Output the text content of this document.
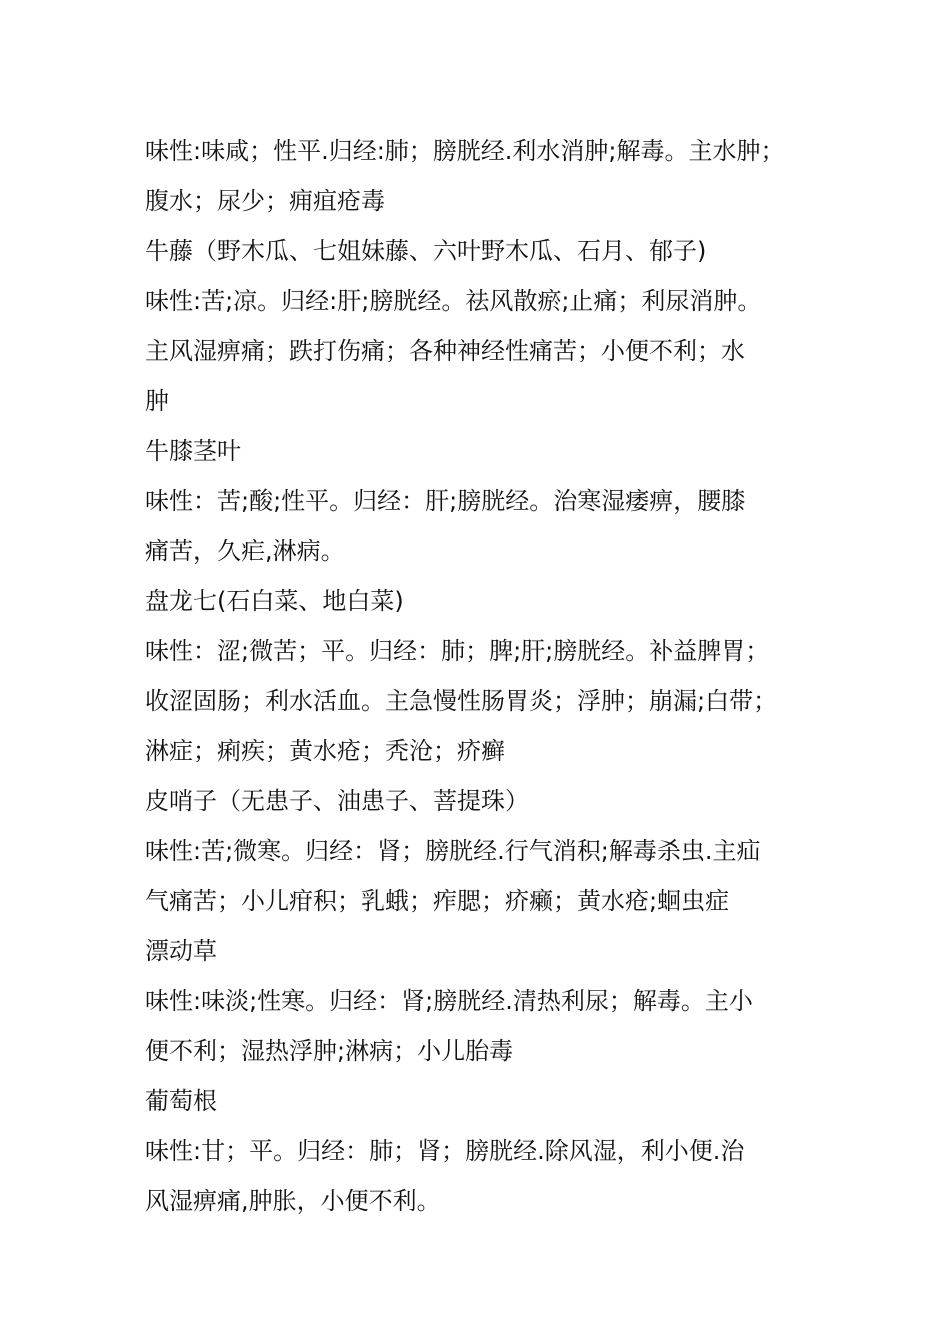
味性:味咸；性平.归经:肺；膀胱经.利水消肿;解毒。主水肿；
腹水；尿少；痈疽疮毒
牛藤（野木瓜、七姐妹藤、六叶野木瓜、石月、郁子)
味性:苦;凉。归经:肝;膀胱经。祛风散瘀;止痛；利尿消肿。
主风湿痹痛；跌打伤痛；各种神经性痛苦；小便不利；水
肿
牛膝茎叶
味性：苦;酸;性平。归经：肝;膀胱经。治寒湿痿痹，腰膝
痛苦，久疟,淋病。
盘龙七(石白菜、地白菜)
味性：涩;微苦；平。归经：肺；脾;肝;膀胱经。补益脾胃；
收涩固肠；利水活血。主急慢性肠胃炎；浮肿；崩漏;白带；
淋症；痢疾；黄水疮；秃沧；疥癣
皮哨子（无患子、油患子、菩提珠）
味性:苦;微寒。归经：肾；膀胱经.行气消积;解毒杀虫.主疝
气痛苦；小儿疳积；乳蛾；痄腮；疥癞；黄水疮;蛔虫症
漂动草
味性:味淡;性寒。归经：肾;膀胱经.清热利尿；解毒。主小
便不利；湿热浮肿;淋病；小儿胎毒
葡萄根
味性:甘；平。归经：肺；肾；膀胱经.除风湿，利小便.治
风湿痹痛,肿胀，小便不利。
